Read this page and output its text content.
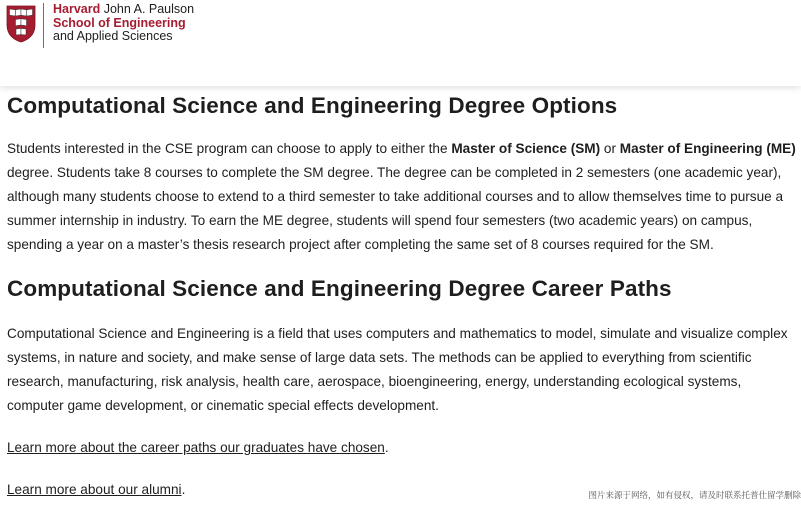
Harvard John A. Paulson
School of Engineering
and Applied Sciences
Computational Science and Engineering Degree Options

Students interested in the CSE program can choose to apply to either the Master of Science (SM) or Master of Engineering (ME) degree. Students take 8 courses to complete the SM degree. The degree can be completed in 2 semesters (one academic year), although many students choose to extend to a third semester to take additional courses and to allow themselves time to pursue a summer internship in industry. To earn the ME degree, students will spend four semesters (two academic years) on campus, spending a year on a master’s thesis research project after completing the same set of 8 courses required for the SM.

Computational Science and Engineering Degree Career Paths

Computational Science and Engineering is a field that uses computers and mathematics to model, simulate and visualize complex systems, in nature and society, and make sense of large data sets. The methods can be applied to everything from scientific research, manufacturing, risk analysis, health care, aerospace, bioengineering, energy, understanding ecological systems, computer game development, or cinematic special effects development.

Learn more about the career paths our graduates have chosen.

Learn more about our alumni.	图片来源于网络，如有侵权，请及时联系托普仕留学删除
